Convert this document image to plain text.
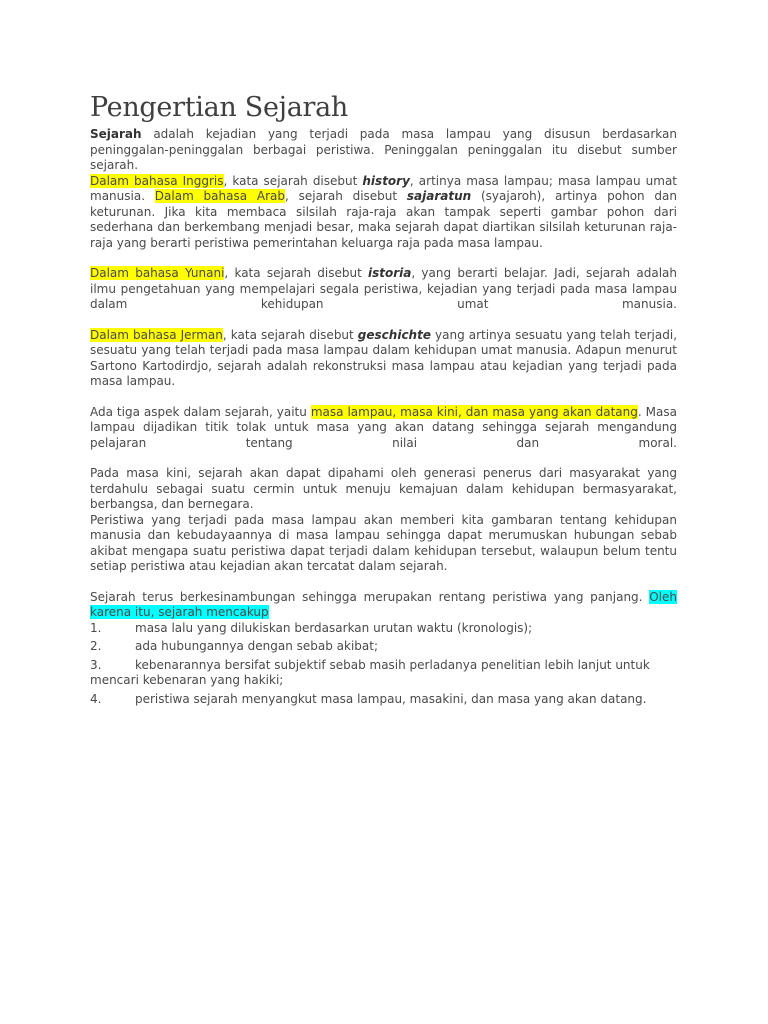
Pengertian Sejarah

Sejarah adalah kejadian yang terjadi pada masa lampau yang disusun berdasarkan peninggalan-peninggalan berbagai peristiwa. Peninggalan peninggalan itu disebut sumber sejarah.

Dalam bahasa Inggris, kata sejarah disebut history, artinya masa lampau; masa lampau umat manusia. Dalam bahasa Arab, sejarah disebut sajaratun (syajaroh), artinya pohon dan keturunan. Jika kita membaca silsilah raja-raja akan tampak seperti gambar pohon dari sederhana dan berkembang menjadi besar, maka sejarah dapat diartikan silsilah keturunan raja-raja yang berarti peristiwa pemerintahan keluarga raja pada masa lampau.

Dalam bahasa Yunani, kata sejarah disebut istoria, yang berarti belajar. Jadi, sejarah adalah ilmu pengetahuan yang mempelajari segala peristiwa, kejadian yang terjadi pada masa lampau dalam kehidupan umat manusia.

Dalam bahasa Jerman, kata sejarah disebut geschichte yang artinya sesuatu yang telah terjadi, sesuatu yang telah terjadi pada masa lampau dalam kehidupan umat manusia. Adapun menurut Sartono Kartodirdjo, sejarah adalah rekonstruksi masa lampau atau kejadian yang terjadi pada masa lampau.

Ada tiga aspek dalam sejarah, yaitu masa lampau, masa kini, dan masa yang akan datang. Masa lampau dijadikan titik tolak untuk masa yang akan datang sehingga sejarah mengandung pelajaran tentang nilai dan moral.

Pada masa kini, sejarah akan dapat dipahami oleh generasi penerus dari masyarakat yang terdahulu sebagai suatu cermin untuk menuju kemajuan dalam kehidupan bermasyarakat, berbangsa, dan bernegara.

Peristiwa yang terjadi pada masa lampau akan memberi kita gambaran tentang kehidupan manusia dan kebudayaannya di masa lampau sehingga dapat merumuskan hubungan sebab akibat mengapa suatu peristiwa dapat terjadi dalam kehidupan tersebut, walaupun belum tentu setiap peristiwa atau kejadian akan tercatat dalam sejarah.

Sejarah terus berkesinambungan sehingga merupakan rentang peristiwa yang panjang. Oleh karena itu, sejarah mencakup

1.	masa lalu yang dilukiskan berdasarkan urutan waktu (kronologis);
2.	ada hubungannya dengan sebab akibat;
3.	kebenarannya bersifat subjektif sebab masih perladanya penelitian lebih lanjut untuk mencari kebenaran yang hakiki;
4.	peristiwa sejarah menyangkut masa lampau, masakini, dan masa yang akan datang.
